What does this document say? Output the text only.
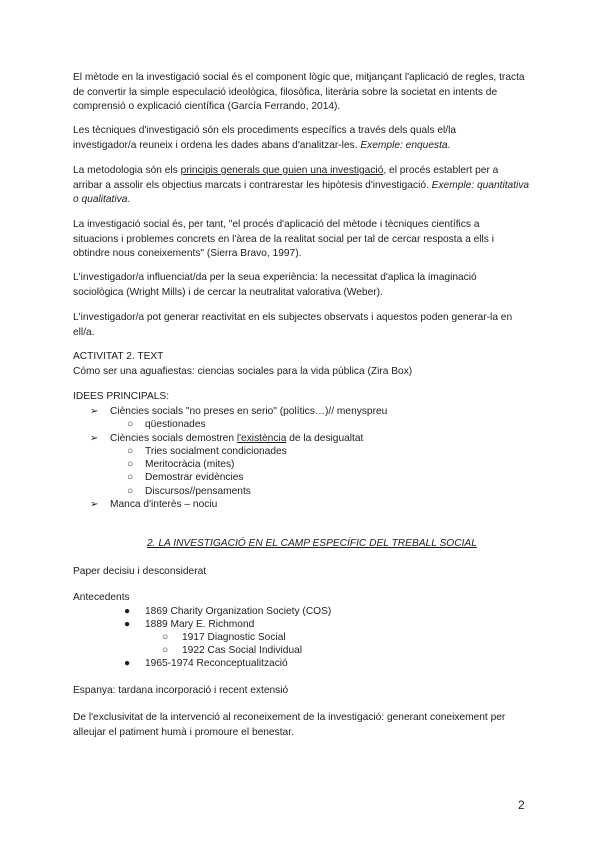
El mètode en la investigació social és el component lògic que, mitjançant l'aplicació de regles, tracta
de convertir la simple especulació ideològica, filosòfica, literària sobre la societat en intents de
comprensió o explicació científica (García Ferrando, 2014).
Les tècniques d'investigació són els procediments específics a través dels quals el/la
investigador/a reuneix i ordena les dades abans d'analitzar-les. Exemple: enquesta.
La metodologia són els principis generals que guien una investigació, el procés establert per a
arribar a assolir els objectius marcats i contrarestar les hipòtesis d'investigació. Exemple: quantitativa
o qualitativa.
La investigació social és, per tant, "el procés d'aplicació del mètode i tècniques científics a
situacions i problemes concrets en l'àrea de la realitat social per tal de cercar resposta a ells i
obtindre nous coneixements" (Sierra Bravo, 1997).
L'investigador/a influenciat/da per la seua experiència: la necessitat d'aplica la imaginació
sociològica (Wright Mills) i de cercar la neutralitat valorativa (Weber).
L'investigador/a pot generar reactivitat en els subjectes observats i aquestos poden generar-la en
ell/a.
ACTIVITAT 2. TEXT
Cómo ser una aguafiestas: ciencias sociales para la vida pública (Zira Box)
IDEES PRINCIPALS:
➢	Ciències socials "no preses en serio" (polítics…)// menyspreu
○	qüestionades
➢	Ciències socials demostren l'existència de la desigualtat
○	Tries socialment condicionades
○	Meritocràcia (mites)
○	Demostrar evidències
○	Discursos//pensaments
➢	Manca d'interès – nociu
2. LA INVESTIGACIÓ EN EL CAMP ESPECÍFIC DEL TREBALL SOCIAL
Paper decisiu i desconsiderat
Antecedents
● 1869 Charity Organization Society (COS)
● 1889 Mary E. Richmond
○ 1917 Diagnostic Social
○ 1922 Cas Social Individual
● 1965-1974 Reconceptualització
Espanya: tardana incorporació i recent extensió
De l'exclusivitat de la intervenció al reconeixement de la investigació: generant coneixement per
alleujar el patiment humà i promoure el benestar.
2
